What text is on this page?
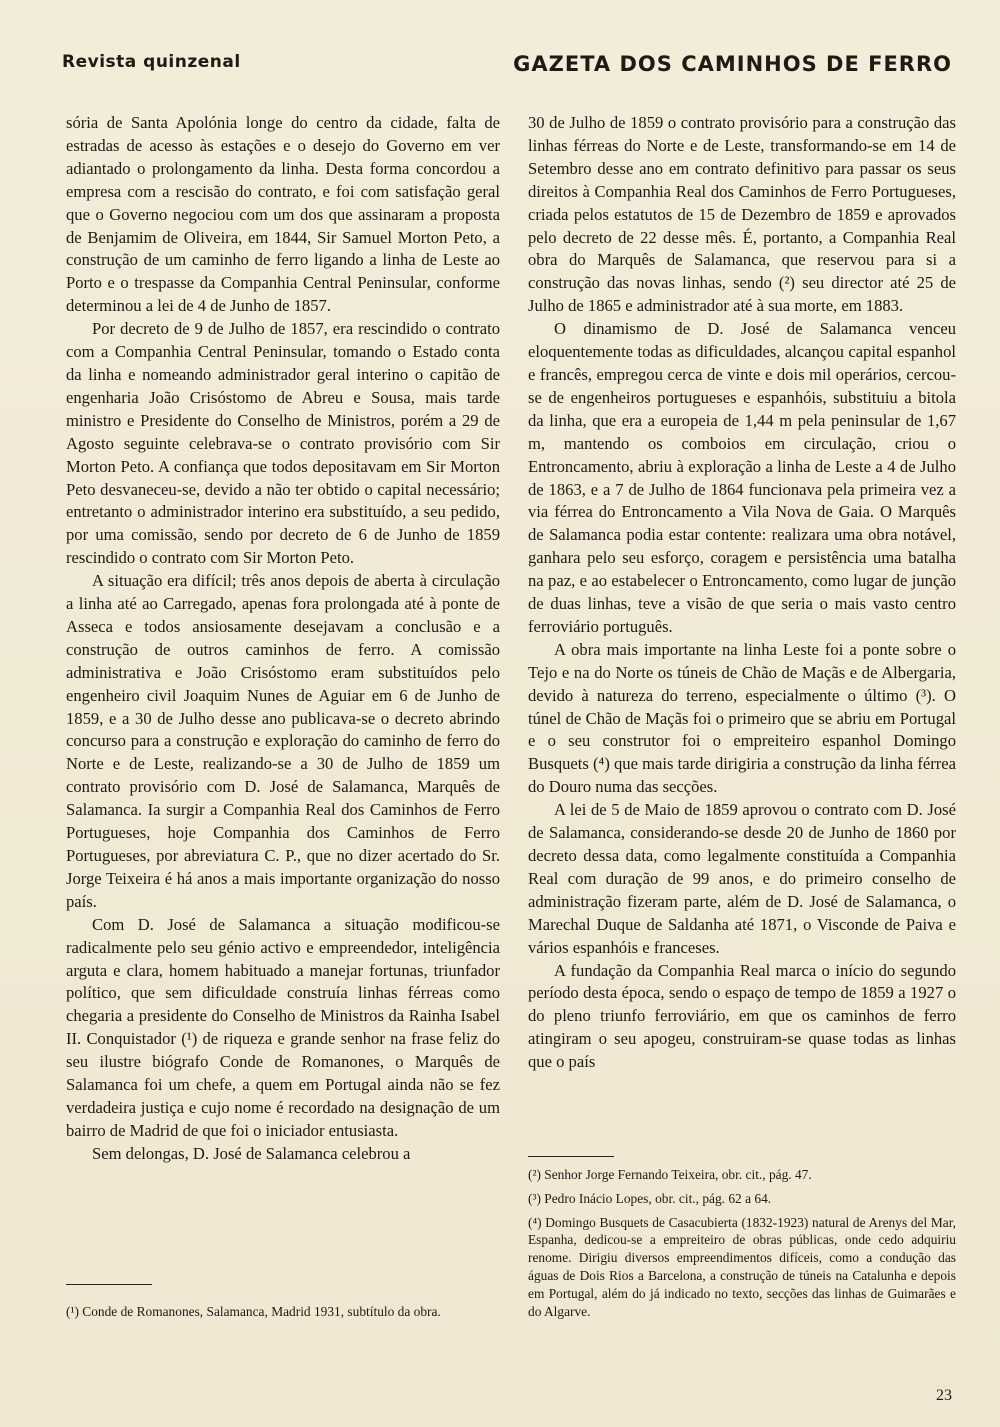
Revista quinzenal	GAZETA DOS CAMINHOS DE FERRO

sória de Santa Apolónia longe do centro da cidade, falta de estradas de acesso às estações e o desejo do Governo em ver adiantado o prolongamento da linha. Desta forma concordou a empresa com a rescisão do contrato, e foi com satisfação geral que o Governo negociou com um dos que assinaram a proposta de Benjamim de Oliveira, em 1844, Sir Samuel Morton Peto, a construção de um caminho de ferro ligando a linha de Leste ao Porto e o trespasse da Companhia Central Peninsular, conforme determinou a lei de 4 de Junho de 1857.

Por decreto de 9 de Julho de 1857, era rescindido o contrato com a Companhia Central Peninsular, tomando o Estado conta da linha e nomeando administrador geral interino o capitão de engenharia João Crisóstomo de Abreu e Sousa, mais tarde ministro e Presidente do Conselho de Ministros, porém a 29 de Agosto seguinte celebrava-se o contrato provisório com Sir Morton Peto. A confiança que todos depositavam em Sir Morton Peto desvaneceu-se, devido a não ter obtido o capital necessário; entretanto o administrador interino era substituído, a seu pedido, por uma comissão, sendo por decreto de 6 de Junho de 1859 rescindido o contrato com Sir Morton Peto.

A situação era difícil; três anos depois de aberta à circulação a linha até ao Carregado, apenas fora prolongada até à ponte de Asseca e todos ansiosamente desejavam a conclusão e a construção de outros caminhos de ferro. A comissão administrativa e João Crisóstomo eram substituídos pelo engenheiro civil Joaquim Nunes de Aguiar em 6 de Junho de 1859, e a 30 de Julho desse ano publicava-se o decreto abrindo concurso para a construção e exploração do caminho de ferro do Norte e de Leste, realizando-se a 30 de Julho de 1859 um contrato provisório com D. José de Salamanca, Marquês de Salamanca. Ia surgir a Companhia Real dos Caminhos de Ferro Portugueses, hoje Companhia dos Caminhos de Ferro Portugueses, por abreviatura C. P., que no dizer acertado do Sr. Jorge Teixeira é há anos a mais importante organização do nosso país.

Com D. José de Salamanca a situação modificou-se radicalmente pelo seu génio activo e empreendedor, inteligência arguta e clara, homem habituado a manejar fortunas, triunfador político, que sem dificuldade construía linhas férreas como chegaria a presidente do Conselho de Ministros da Rainha Isabel II. Conquistador (¹) de riqueza e grande senhor na frase feliz do seu ilustre biógrafo Conde de Romanones, o Marquês de Salamanca foi um chefe, a quem em Portugal ainda não se fez verdadeira justiça e cujo nome é recordado na designação de um bairro de Madrid de que foi o iniciador entusiasta.

Sem delongas, D. José de Salamanca celebrou a

30 de Julho de 1859 o contrato provisório para a construção das linhas férreas do Norte e de Leste, transformando-se em 14 de Setembro desse ano em contrato definitivo para passar os seus direitos à Companhia Real dos Caminhos de Ferro Portugueses, criada pelos estatutos de 15 de Dezembro de 1859 e aprovados pelo decreto de 22 desse mês. É, portanto, a Companhia Real obra do Marquês de Salamanca, que reservou para si a construção das novas linhas, sendo (²) seu director até 25 de Julho de 1865 e administrador até à sua morte, em 1883.

O dinamismo de D. José de Salamanca venceu eloquentemente todas as dificuldades, alcançou capital espanhol e francês, empregou cerca de vinte e dois mil operários, cercou-se de engenheiros portugueses e espanhóis, substituiu a bitola da linha, que era a europeia de 1,44 m pela peninsular de 1,67 m, mantendo os comboios em circulação, criou o Entroncamento, abriu à exploração a linha de Leste a 4 de Julho de 1863, e a 7 de Julho de 1864 funcionava pela primeira vez a via férrea do Entroncamento a Vila Nova de Gaia. O Marquês de Salamanca podia estar contente: realizara uma obra notável, ganhara pelo seu esforço, coragem e persistência uma batalha na paz, e ao estabelecer o Entroncamento, como lugar de junção de duas linhas, teve a visão de que seria o mais vasto centro ferroviário português.

A obra mais importante na linha Leste foi a ponte sobre o Tejo e na do Norte os túneis de Chão de Maçãs e de Albergaria, devido à natureza do terreno, especialmente o último (³). O túnel de Chão de Maçãs foi o primeiro que se abriu em Portugal e o seu construtor foi o empreiteiro espanhol Domingo Busquets (⁴) que mais tarde dirigiria a construção da linha férrea do Douro numa das secções.

A lei de 5 de Maio de 1859 aprovou o contrato com D. José de Salamanca, considerando-se desde 20 de Junho de 1860 por decreto dessa data, como legalmente constituída a Companhia Real com duração de 99 anos, e do primeiro conselho de administração fizeram parte, além de D. José de Salamanca, o Marechal Duque de Saldanha até 1871, o Visconde de Paiva e vários espanhóis e franceses.

A fundação da Companhia Real marca o início do segundo período desta época, sendo o espaço de tempo de 1859 a 1927 o do pleno triunfo ferroviário, em que os caminhos de ferro atingiram o seu apogeu, construiram-se quase todas as linhas que o país

(¹) Conde de Romanones, Salamanca, Madrid 1931, subtítulo da obra.

(²) Senhor Jorge Fernando Teixeira, obr. cit., pág. 47.

(³) Pedro Inácio Lopes, obr. cit., pág. 62 a 64.

(⁴) Domingo Busquets de Casacubierta (1832-1923) natural de Arenys del Mar, Espanha, dedicou-se a empreiteiro de obras públicas, onde cedo adquiriu renome. Dirigiu diversos empreendimentos difíceis, como a condução das águas de Dois Rios a Barcelona, a construção de túneis na Catalunha e depois em Portugal, além do já indicado no texto, secções das linhas de Guimarães e do Algarve.

23
